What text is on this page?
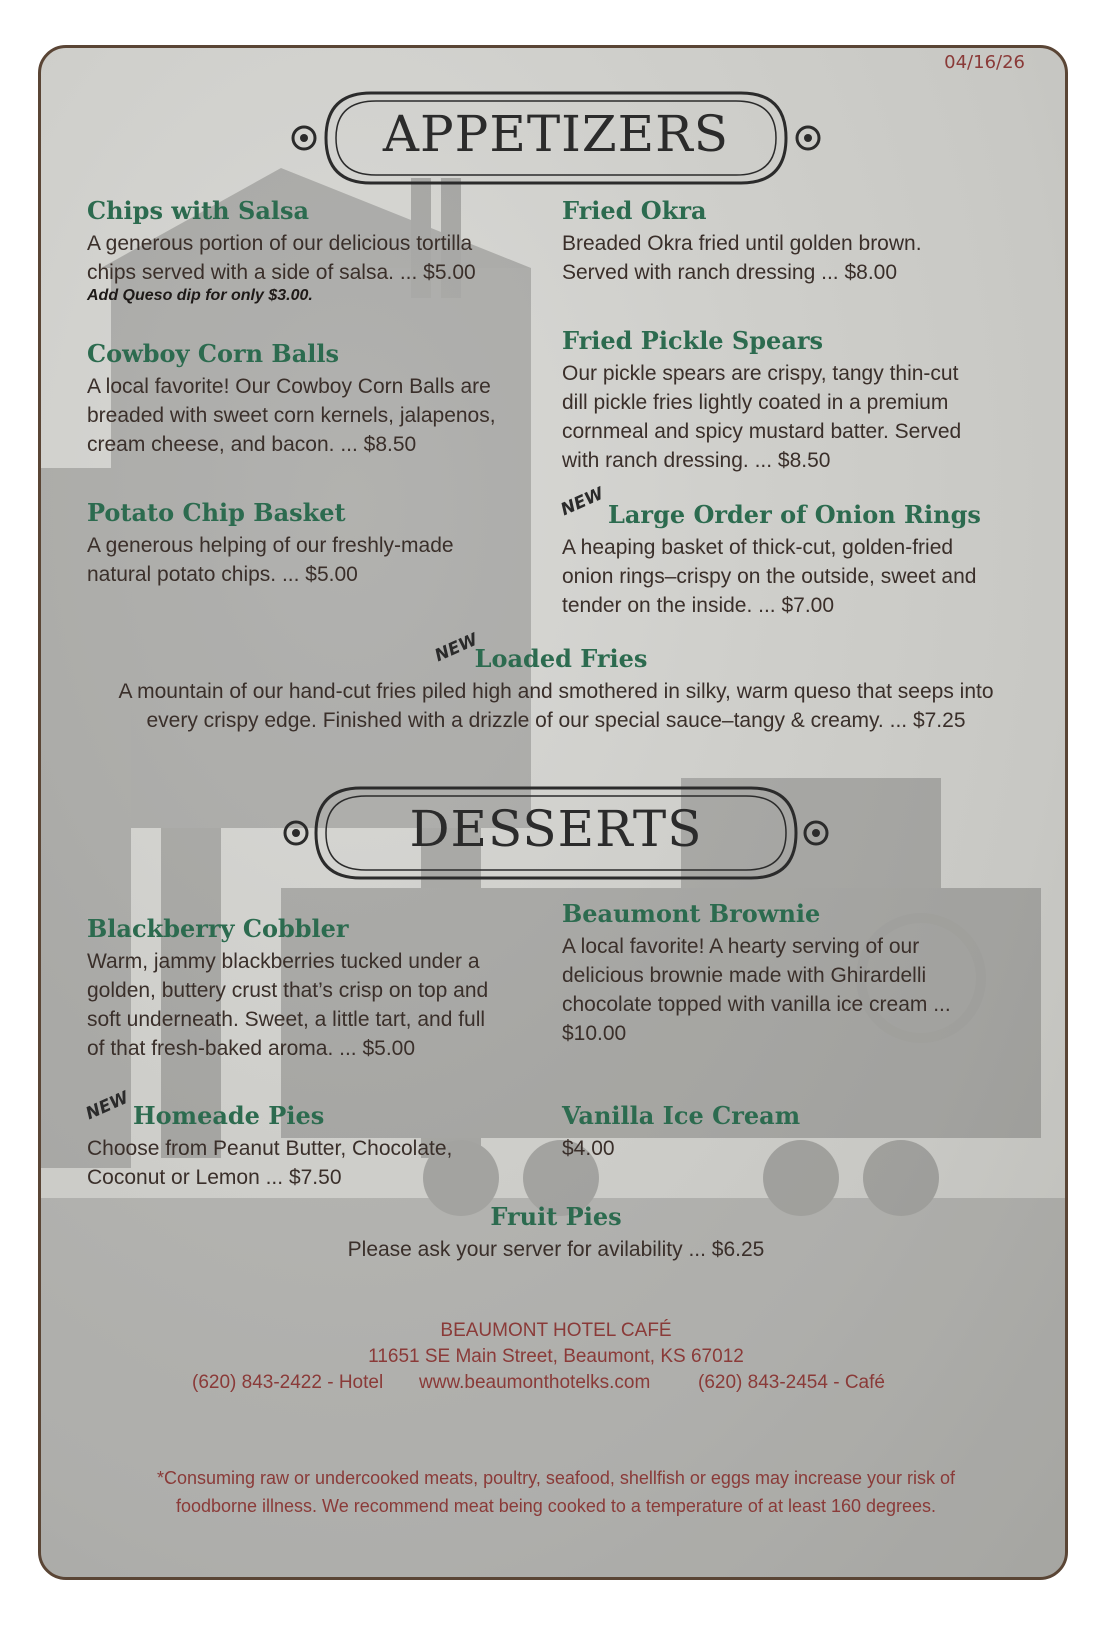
04/16/26
APPETIZERS

Chips with Salsa

A generous portion of our delicious tortilla chips served with a side of salsa. ... $5.00

Add Queso dip for only $3.00.

Fried Okra

Breaded Okra fried until golden brown. Served with ranch dressing ... $8.00

Cowboy Corn Balls

A local favorite! Our Cowboy Corn Balls are breaded with sweet corn kernels, jalapenos, cream cheese, and bacon. ... $8.50

Fried Pickle Spears

Our pickle spears are crispy, tangy thin-cut dill pickle fries lightly coated in a premium cornmeal and spicy mustard batter. Served with ranch dressing. ... $8.50

Potato Chip Basket

A generous helping of our freshly-made natural potato chips. ... $5.00

NEW Large Order of Onion Rings

A heaping basket of thick-cut, golden-fried onion rings–crispy on the outside, sweet and tender on the inside. ... $7.00

NEW

Loaded Fries

A mountain of our hand-cut fries piled high and smothered in silky, warm queso that seeps into every crispy edge. Finished with a drizzle of our special sauce–tangy & creamy. ... $7.25

DESSERTS

Blackberry Cobbler

Warm, jammy blackberries tucked under a golden, buttery crust that’s crisp on top and soft underneath. Sweet, a little tart, and full of that fresh-baked aroma. ... $5.00

Beaumont Brownie

A local favorite! A hearty serving of our delicious brownie made with Ghirardelli chocolate topped with vanilla ice cream ... $10.00

NEW Homeade Pies

Choose from Peanut Butter, Chocolate, Coconut or Lemon ... $7.50

Vanilla Ice Cream

$4.00

Fruit Pies

Please ask your server for avilability ... $6.25

BEAUMONT HOTEL CAFÉ
11651 SE Main Street, Beaumont, KS 67012
(620) 843-2422 - Hotel www.beaumonthotelks.com	(620) 843-2454 - Café
*Consuming raw or undercooked meats, poultry, seafood, shellfish or eggs may increase your risk of
foodborne illness. We recommend meat being cooked to a temperature of at least 160 degrees.
